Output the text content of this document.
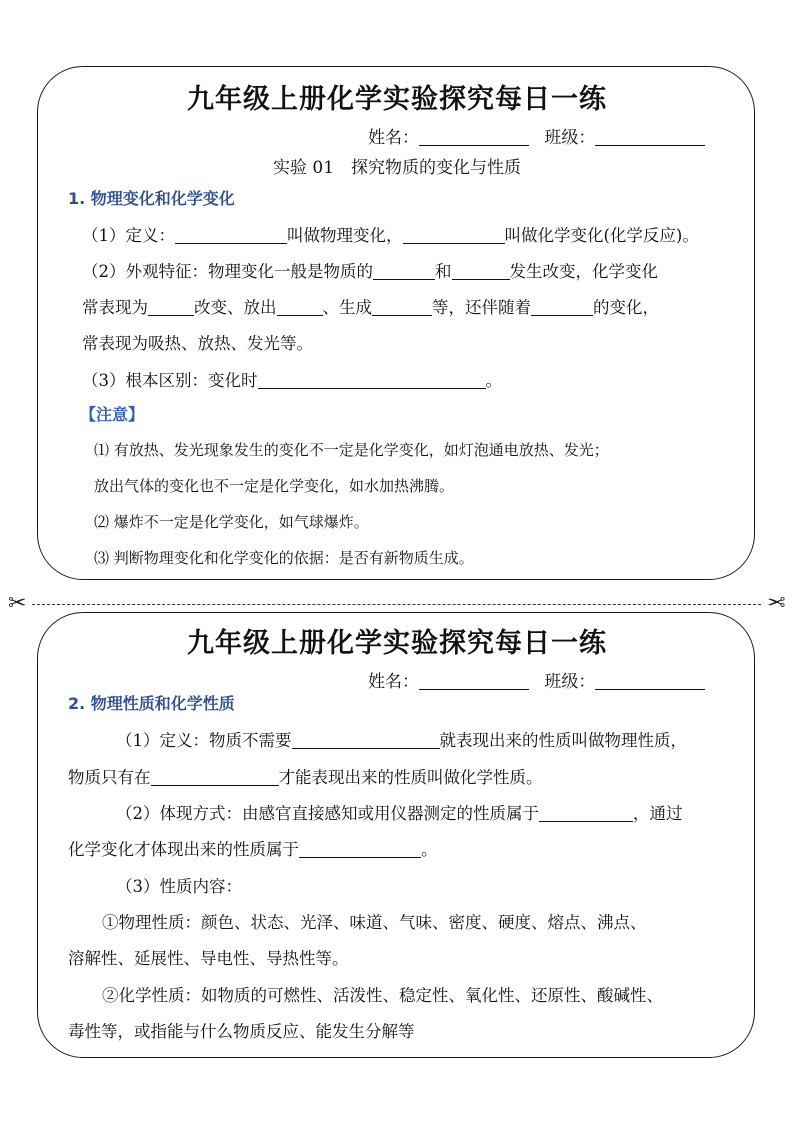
九年级上册化学实验探究每日一练
姓名：	班级：
实验 01　探究物质的变化与性质
1. 物理变化和化学变化
（1）定义：	叫做物理变化，	叫做化学变化(化学反应)。
（2）外观特征：物理变化一般是物质的	和	发生改变，化学变化
常表现为	改变、放出	、生成	等，还伴随着	的变化，
常表现为吸热、放热、发光等。
（3）根本区别：变化时	。
【注意】
⑴ 有放热、发光现象发生的变化不一定是化学变化，如灯泡通电放热、发光；
放出气体的变化也不一定是化学变化，如水加热沸腾。
⑵ 爆炸不一定是化学变化，如气球爆炸。
⑶ 判断物理变化和化学变化的依据：是否有新物质生成。
✂	✂
九年级上册化学实验探究每日一练
姓名：	班级：
2. 物理性质和化学性质
（1）定义：物质不需要	就表现出来的性质叫做物理性质，
物质只有在	才能表现出来的性质叫做化学性质。
（2）体现方式：由感官直接感知或用仪器测定的性质属于	，通过
化学变化才体现出来的性质属于	。
（3）性质内容：
①物理性质：颜色、状态、光泽、味道、气味、密度、硬度、熔点、沸点、
溶解性、延展性、导电性、导热性等。
②化学性质：如物质的可燃性、活泼性、稳定性、氧化性、还原性、酸碱性、
毒性等，或指能与什么物质反应、能发生分解等
